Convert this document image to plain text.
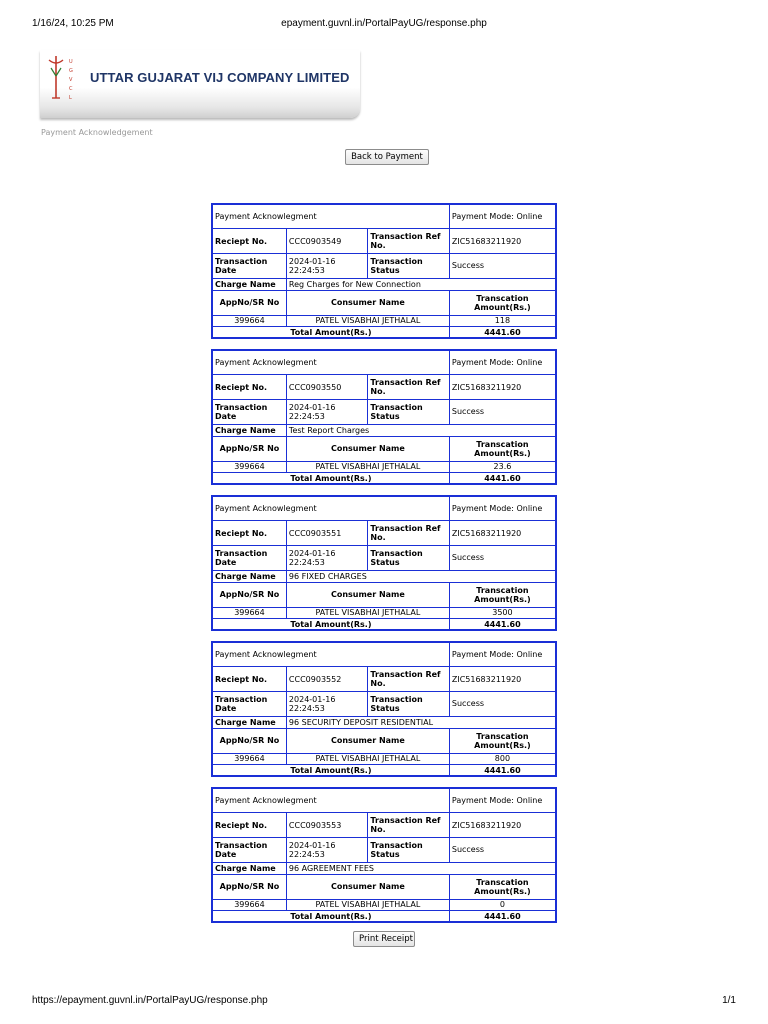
1/16/24, 10:25 PM	epayment.guvnl.in/PortalPayUG/response.php
U
G
V
C
L
UTTAR GUJARAT VIJ COMPANY LIMITED
Payment Acknowledgement
Back to Payment
Payment Acknowlegment			Payment Mode: Online
Reciept No.	CCC0903549	Transaction Ref No.	ZIC51683211920
Transaction Date	2024-01-16 22:24:53	Transaction Status	Success
Charge Name	Reg Charges for New Connection		
AppNo/SR No	Consumer Name		Transcation Amount(Rs.)
399664	PATEL VISABHAI JETHALAL		118
Total Amount(Rs.)			4441.60
Payment Acknowlegment			Payment Mode: Online
Reciept No.	CCC0903550	Transaction Ref No.	ZIC51683211920
Transaction Date	2024-01-16 22:24:53	Transaction Status	Success
Charge Name	Test Report Charges		
AppNo/SR No	Consumer Name		Transcation Amount(Rs.)
399664	PATEL VISABHAI JETHALAL		23.6
Total Amount(Rs.)			4441.60
Payment Acknowlegment			Payment Mode: Online
Reciept No.	CCC0903551	Transaction Ref No.	ZIC51683211920
Transaction Date	2024-01-16 22:24:53	Transaction Status	Success
Charge Name	96 FIXED CHARGES		
AppNo/SR No	Consumer Name		Transcation Amount(Rs.)
399664	PATEL VISABHAI JETHALAL		3500
Total Amount(Rs.)			4441.60
Payment Acknowlegment			Payment Mode: Online
Reciept No.	CCC0903552	Transaction Ref No.	ZIC51683211920
Transaction Date	2024-01-16 22:24:53	Transaction Status	Success
Charge Name	96 SECURITY DEPOSIT RESIDENTIAL		
AppNo/SR No	Consumer Name		Transcation Amount(Rs.)
399664	PATEL VISABHAI JETHALAL		800
Total Amount(Rs.)			4441.60
Payment Acknowlegment			Payment Mode: Online
Reciept No.	CCC0903553	Transaction Ref No.	ZIC51683211920
Transaction Date	2024-01-16 22:24:53	Transaction Status	Success
Charge Name	96 AGREEMENT FEES		
AppNo/SR No	Consumer Name		Transcation Amount(Rs.)
399664	PATEL VISABHAI JETHALAL		0
Total Amount(Rs.)			4441.60
Print Receipt
https://epayment.guvnl.in/PortalPayUG/response.php	1/1
